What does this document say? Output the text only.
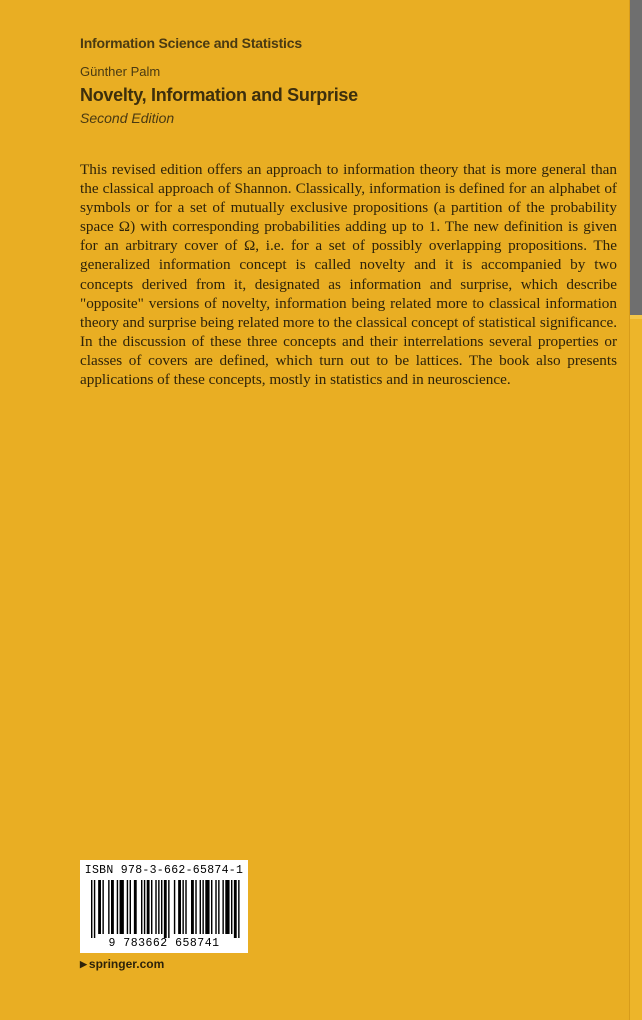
Information Science and Statistics
Günther Palm
Novelty, Information and Surprise
Second Edition

This revised edition offers an approach to information theory that is more general than the classical approach of Shannon. Classically, information is defined for an alphabet of symbols or for a set of mutually exclusive propositions (a partition of the probability space Ω) with corresponding probabilities adding up to 1. The new definition is given for an arbitrary cover of Ω, i.e. for a set of possibly overlapping propositions. The generalized information concept is called novelty and it is accompanied by two concepts derived from it, designated as information and surprise, which describe "opposite" versions of novelty, information being related more to classical information theory and surprise being related more to the classical concept of statistical significance. In the discussion of these three concepts and their interrelations several properties or classes of covers are defined, which turn out to be lattices. The book also presents applications of these concepts, mostly in statistics and in neuroscience.

ISBN 978-3-662-65874-1
9 783662 658741
▶ springer.com
